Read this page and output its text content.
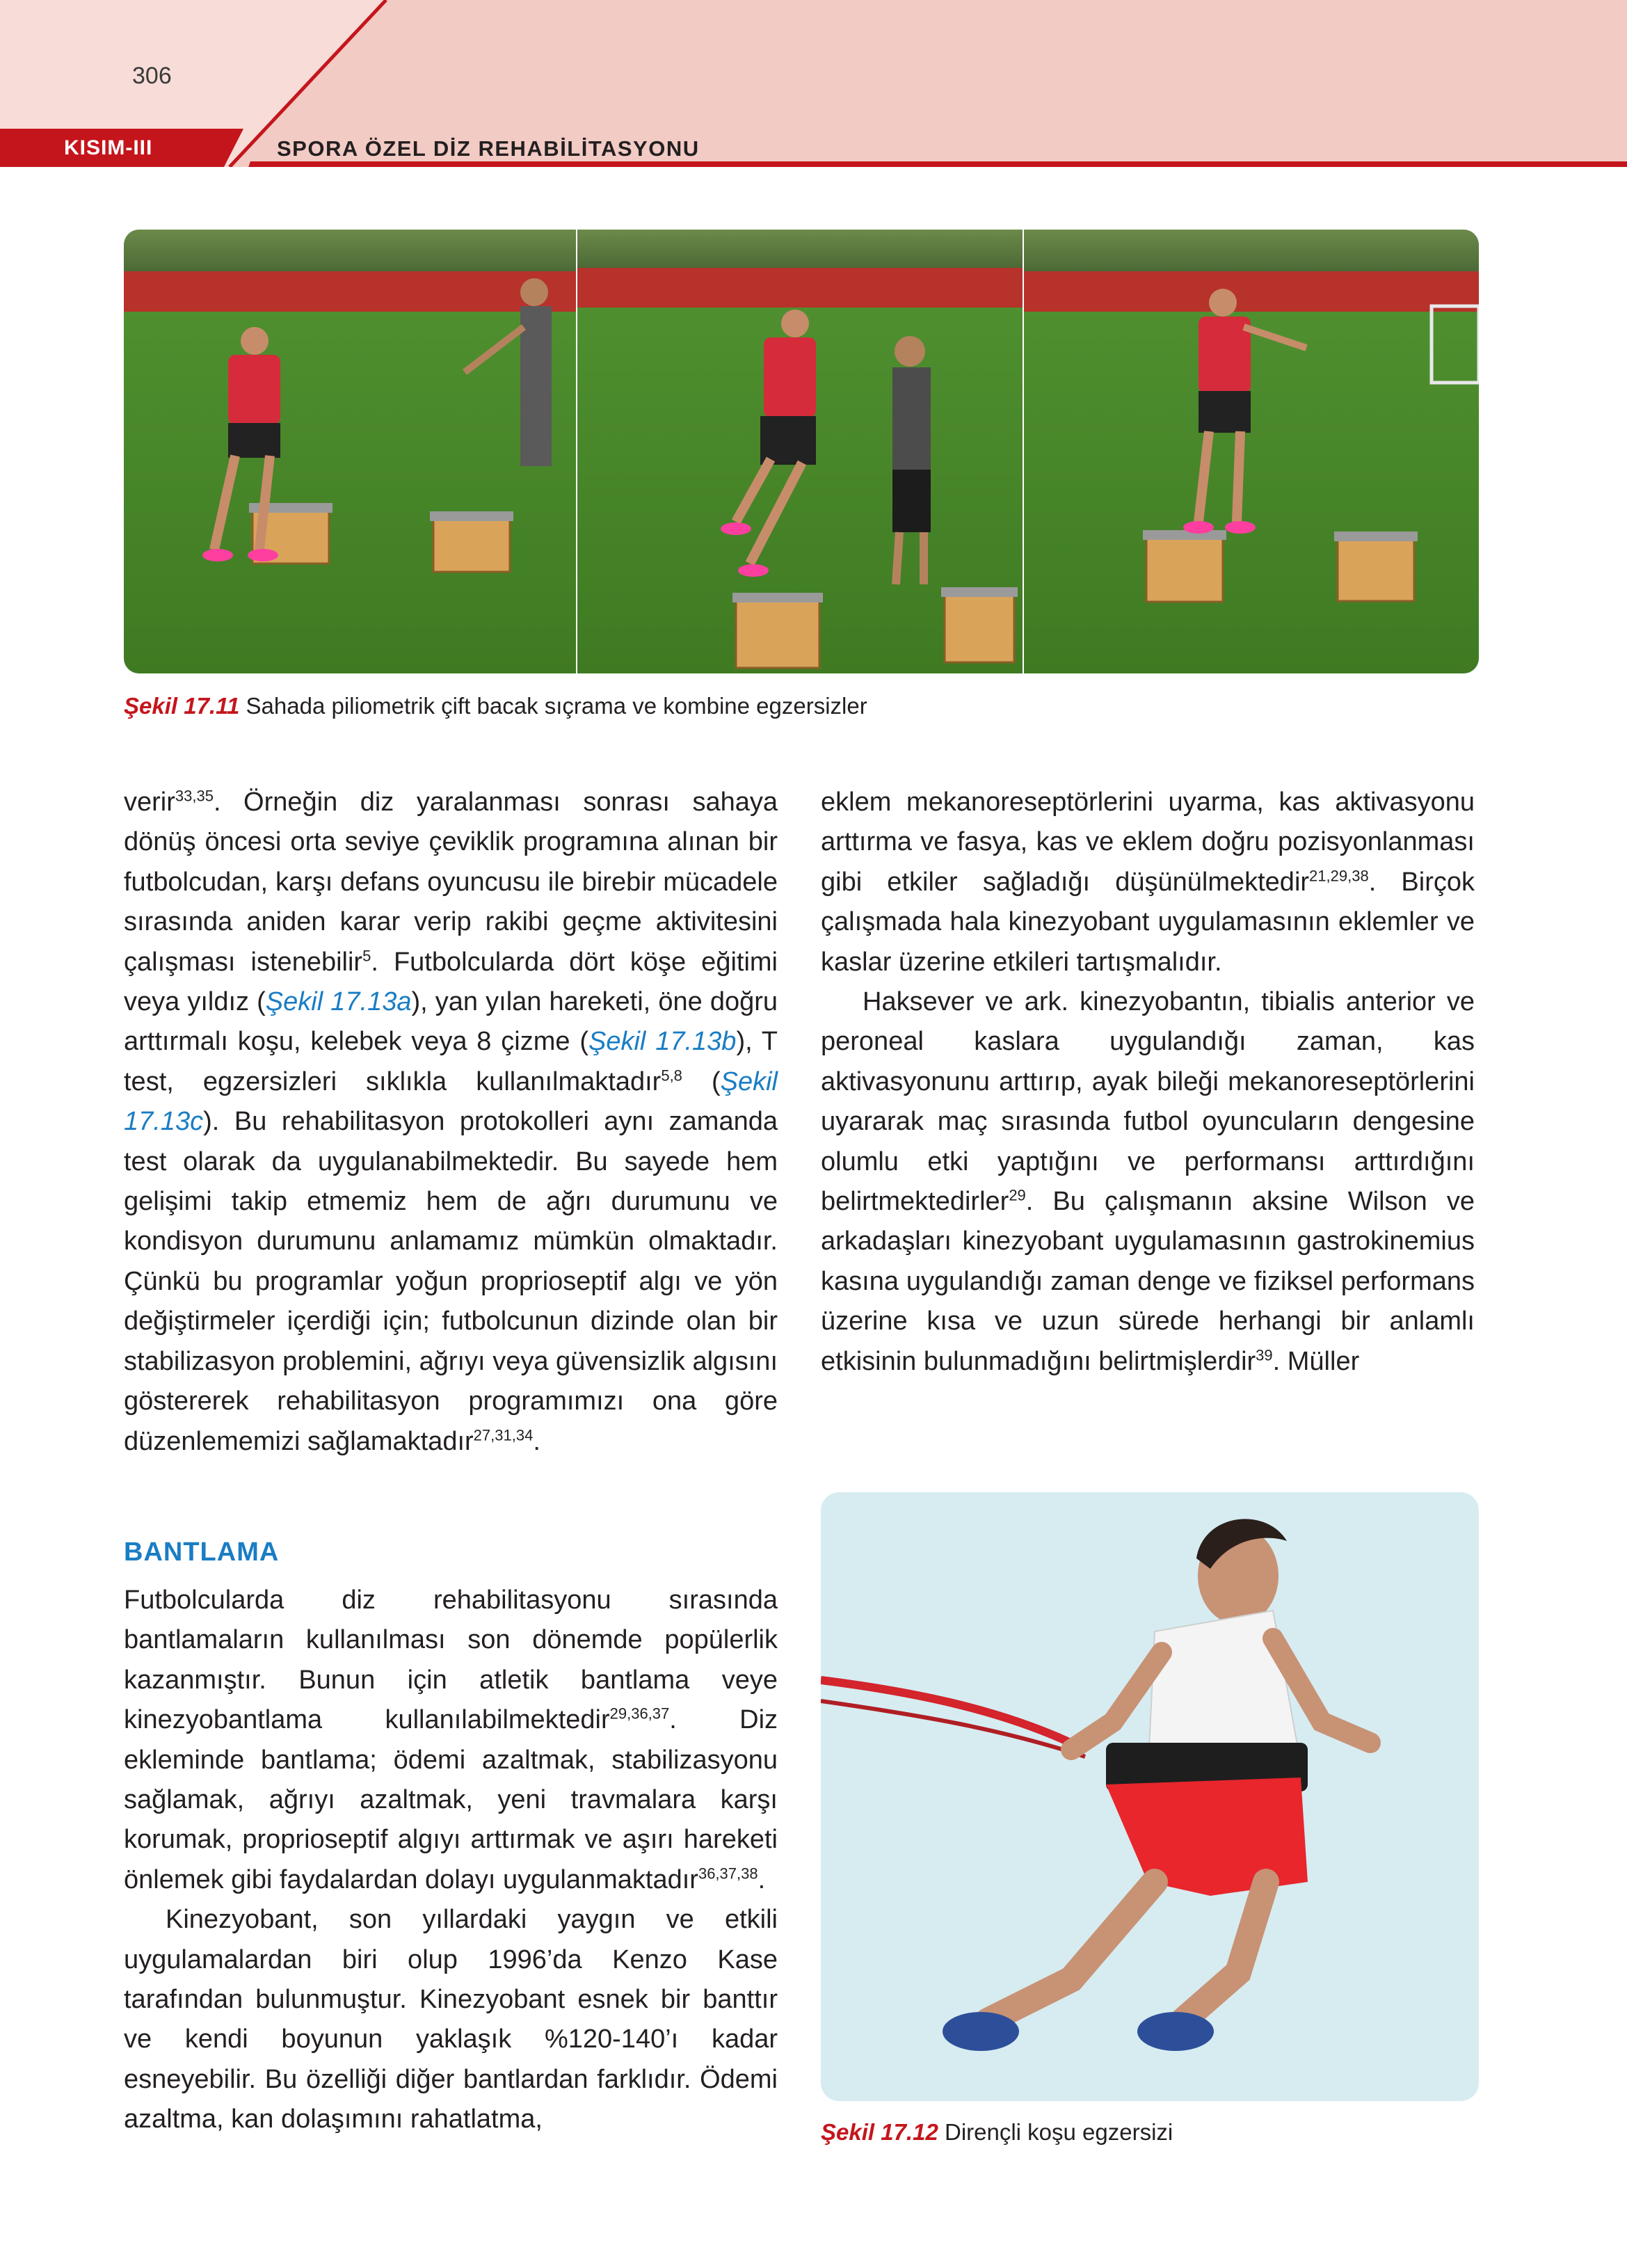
306
KISIM-III	SPORA ÖZEL DİZ REHABİLİTASYONU
Şekil 17.11 Sahada piliometrik çift bacak sıçrama ve kombine egzersizler

verir$^{33,35}$. Örneğin diz yaralanması sonrası sahaya dönüş öncesi orta seviye çeviklik programına alınan bir futbolcudan, karşı defans oyuncusu ile birebir mücadele sırasında aniden karar verip rakibi geçme aktivitesini çalışması istenebilir$^5$. Futbolcularda dört köşe eğitimi veya yıldız (Şekil 17.13a), yan yılan hareketi, öne doğru arttırmalı koşu, kelebek veya 8 çizme (Şekil 17.13b), T test, egzersizleri sıklıkla kullanılmaktadır$^{5,8}$ (Şekil 17.13c). Bu rehabilitasyon protokolleri aynı zamanda test olarak da uygulanabilmektedir. Bu sayede hem gelişimi takip etmemiz hem de ağrı durumunu ve kondisyon durumunu anlamamız mümkün olmaktadır. Çünkü bu programlar yoğun proprioseptif algı ve yön değiştirmeler içerdiği için; futbolcunun dizinde olan bir stabilizasyon problemini, ağrıyı veya güvensizlik algısını göstererek rehabilitasyon programımızı ona göre düzenlememizi sağlamaktadır$^{27,31,34}$.

eklem mekanoreseptörlerini uyarma, kas aktivasyonu arttırma ve fasya, kas ve eklem doğru pozisyonlanması gibi etkiler sağladığı düşünülmektedir$^{21,29,38}$. Birçok çalışmada hala kinezyobant uygulamasının eklemler ve kaslar üzerine etkileri tartışmalıdır.

Haksever ve ark. kinezyobantın, tibialis anterior ve peroneal kaslara uygulandığı zaman, kas aktivasyonunu arttırıp, ayak bileği mekanoreseptörlerini uyararak maç sırasında futbol oyuncuların dengesine olumlu etki yaptığını ve performansı arttırdığını belirtmektedirler$^{29}$. Bu çalışmanın aksine Wilson ve arkadaşları kinezyobant uygulamasının gastrokinemius kasına uygulandığı zaman denge ve fiziksel performans üzerine kısa ve uzun sürede herhangi bir anlamlı etkisinin bulunmadığını belirtmişlerdir$^{39}$. Müller

BANTLAMA

Futbolcularda diz rehabilitasyonu sırasında bantlamaların kullanılması son dönemde popülerlik kazanmıştır. Bunun için atletik bantlama veye kinezyobantlama kullanılabilmektedir$^{29,36,37}$. Diz ekleminde bantlama; ödemi azaltmak, stabilizasyonu sağlamak, ağrıyı azaltmak, yeni travmalara karşı korumak, proprioseptif algıyı arttırmak ve aşırı hareketi önlemek gibi faydalardan dolayı uygulanmaktadır$^{36,37,38}$.

Kinezyobant, son yıllardaki yaygın ve etkili uygulamalardan biri olup 1996’da Kenzo Kase tarafından bulunmuştur. Kinezyobant esnek bir banttır ve kendi boyunun yaklaşık %120-140’ı kadar esneyebilir. Bu özelliği diğer bantlardan farklıdır. Ödemi azaltma, kan dolaşımını rahatlatma,	Şekil 17.12 Dirençli koşu egzersizi
